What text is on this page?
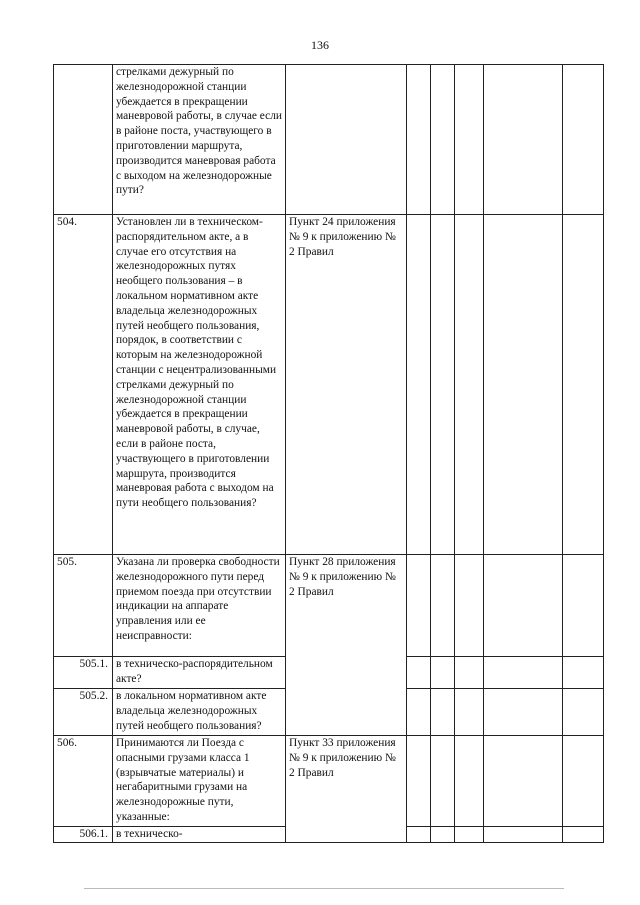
136
	стрелками дежурный по железнодорожной станции убеждается в прекращении маневровой работы, в случае если в районе поста, участвующего в приготовлении маршрута, производится маневровая работа с выходом на железнодорожные пути?						
504.	Установлен ли в техническом-распорядительном акте, а в случае его отсутствия на железнодорожных путях необщего пользования – в локальном нормативном акте владельца железнодорожных путей необщего пользования, порядок, в соответствии с которым на железнодорожной станции с нецентрализованными стрелками дежурный по железнодорожной станции убеждается в прекращении маневровой работы, в случае, если в районе поста, участвующего в приготовлении маршрута, производится маневровая работа с выходом на пути необщего пользования?	Пункт 24 приложения № 9 к приложению № 2 Правил					
505.	Указана ли проверка свободности железнодорожного пути перед приемом поезда при отсутствии индикации на аппарате управления или ее неисправности:	Пункт 28 приложения № 9 к приложению № 2 Правил					
505.1.	в техническо-распорядительном акте?						
505.2.	в локальном нормативном акте владельца железнодорожных путей необщего пользования?						
506.	Принимаются ли Поезда с опасными грузами класса 1 (взрывчатые материалы) и негабаритными грузами на железнодорожные пути, указанные:	Пункт 33 приложения № 9 к приложению № 2 Правил					
506.1.	в техническо-						
